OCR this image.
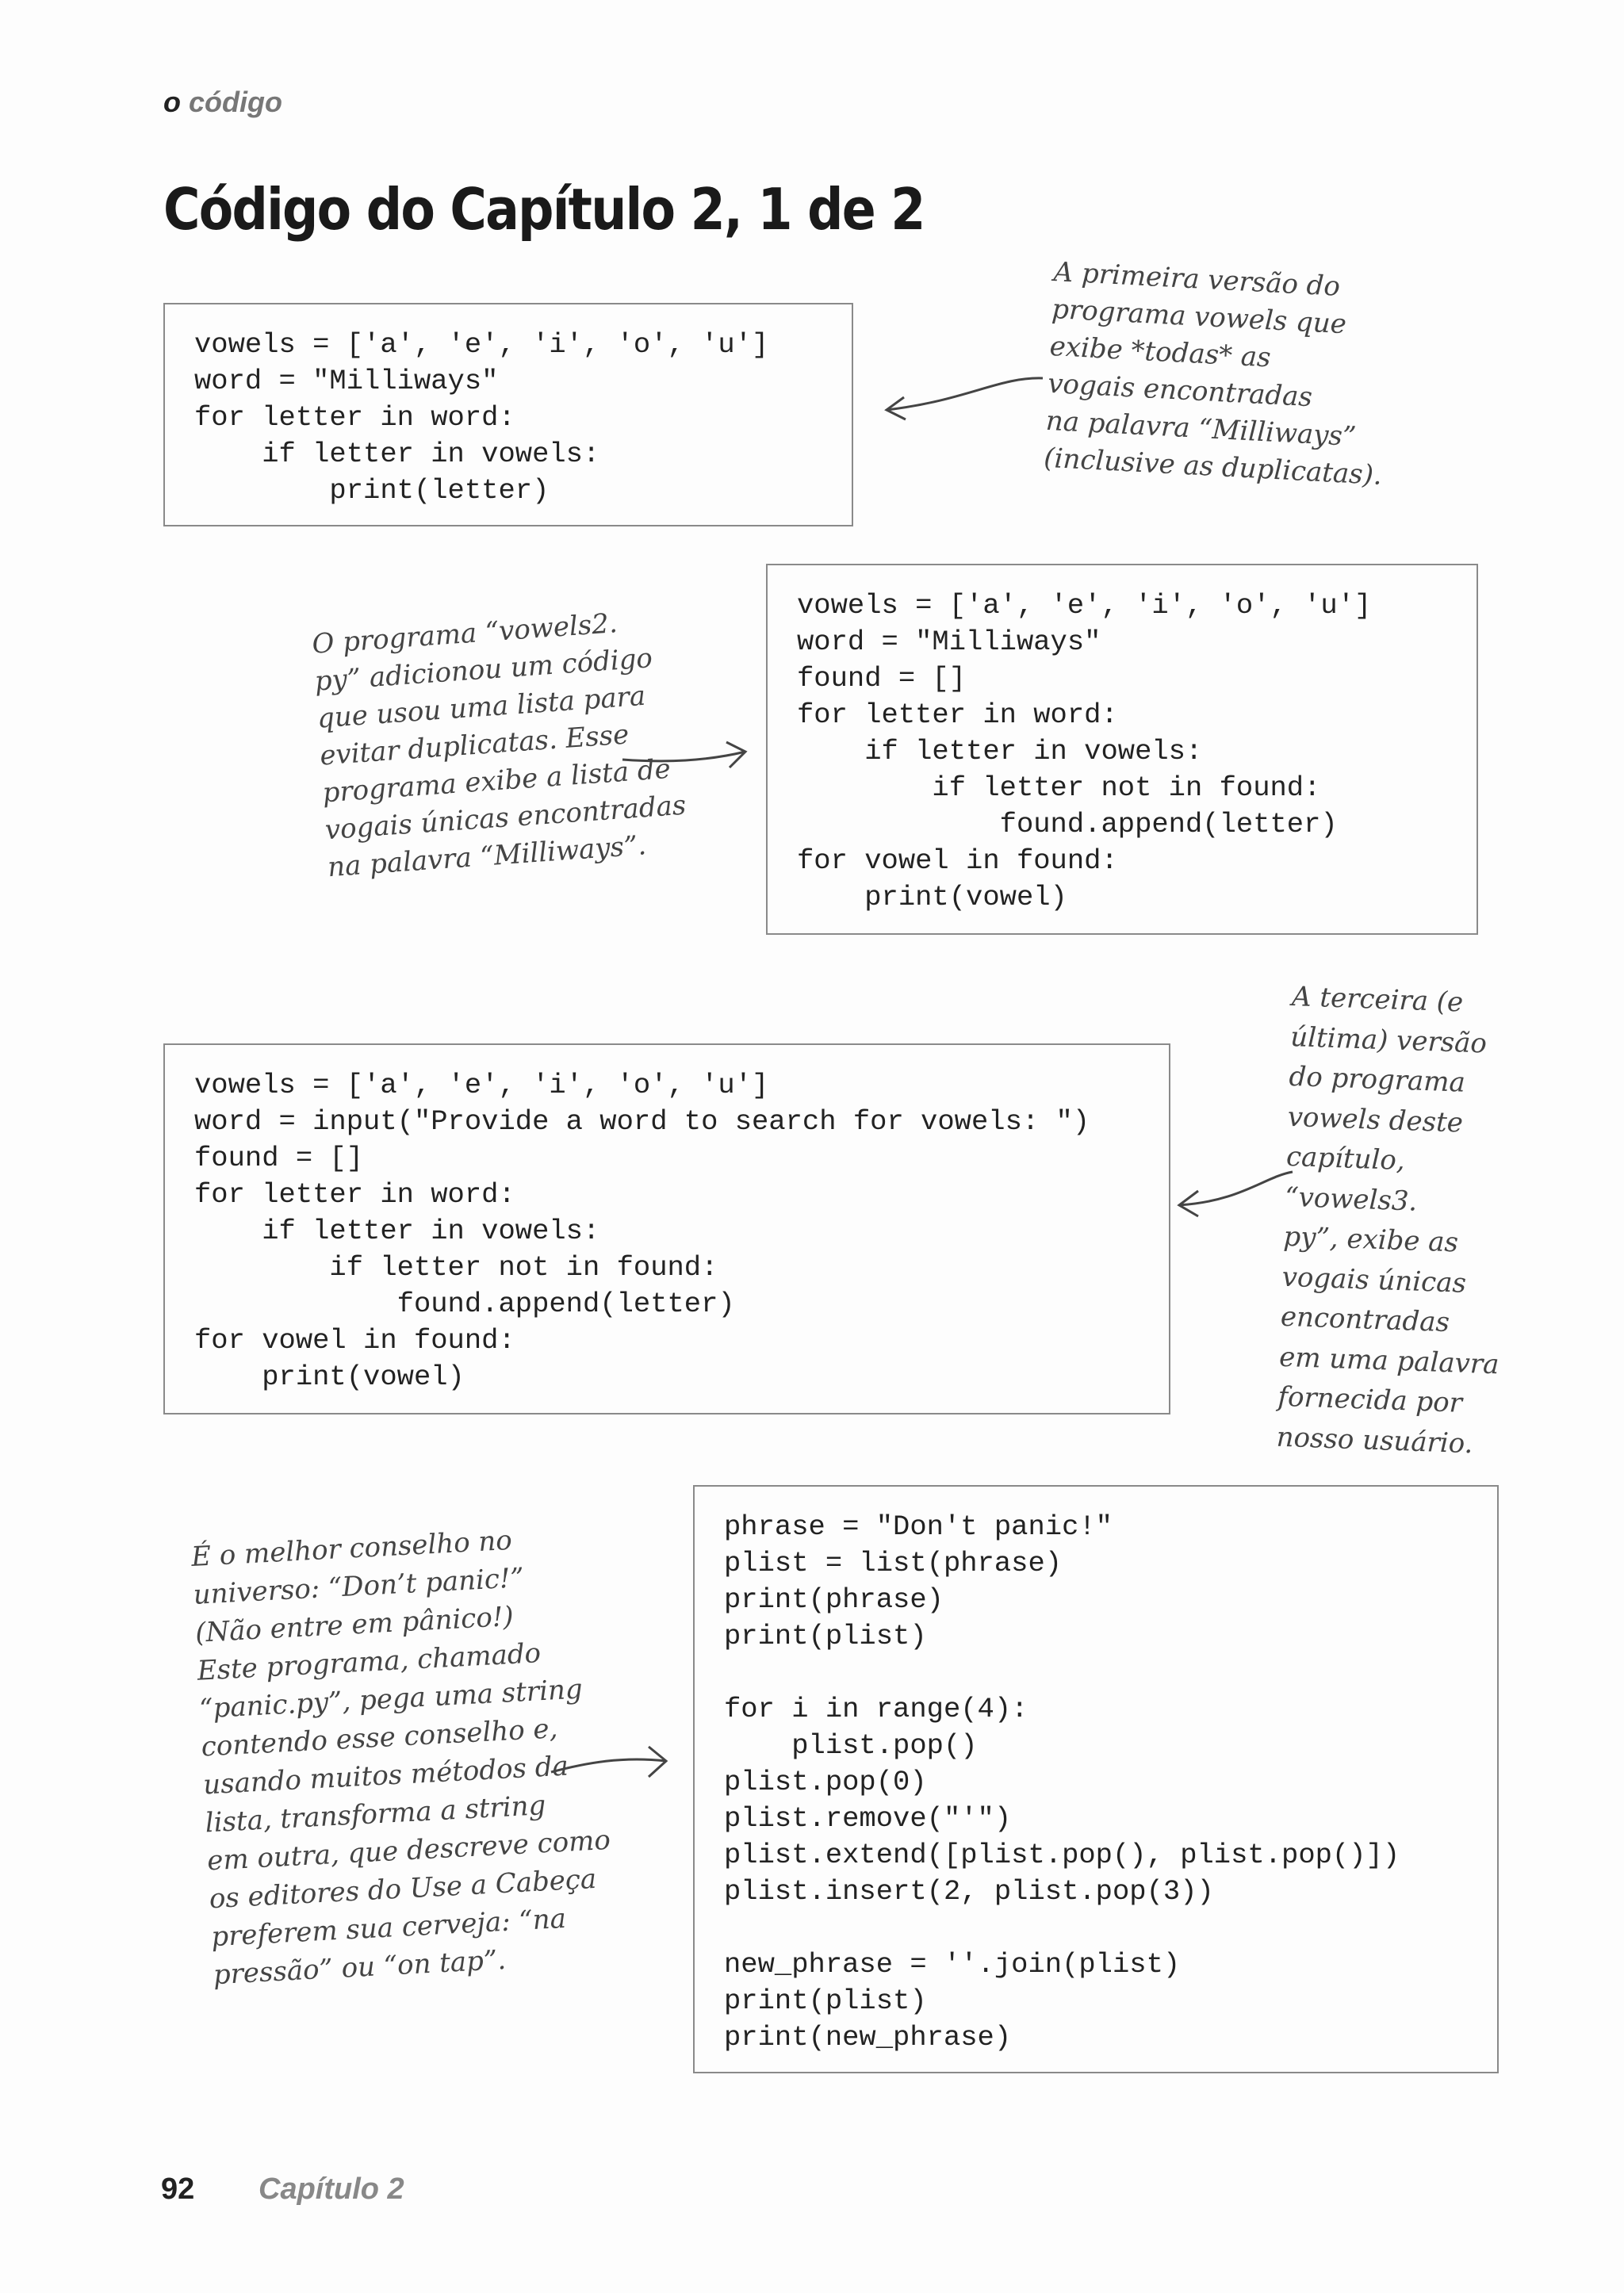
o código
Código do Capítulo 2, 1 de 2
vowels = ['a', 'e', 'i', 'o', 'u']
word = "Milliways"
for letter in word:
if letter in vowels:
print(letter)
A primeira versão do
programa vowels que
exibe *todas* as
vogais encontradas
na palavra “Milliways”
(inclusive as duplicatas).
vowels = ['a', 'e', 'i', 'o', 'u']
word = "Milliways"
found = []
for letter in word:
if letter in vowels:
if letter not in found:
found.append(letter)
for vowel in found:
print(vowel)
O programa “vowels2.
py” adicionou um código
que usou uma lista para
evitar duplicatas. Esse
programa exibe a lista de
vogais únicas encontradas
na palavra “Milliways”.
vowels = ['a', 'e', 'i', 'o', 'u']
word = input("Provide a word to search for vowels: ")
found = []
for letter in word:
if letter in vowels:
if letter not in found:
found.append(letter)
for vowel in found:
print(vowel)
A terceira (e
última) versão
do programa
vowels deste
capítulo,
“vowels3.
py”, exibe as
vogais únicas
encontradas
em uma palavra
fornecida por
nosso usuário.
phrase = "Don't panic!"
plist = list(phrase)
print(phrase)
print(plist)

for i in range(4):
plist.pop()
plist.pop(0)
plist.remove("'")
plist.extend([plist.pop(), plist.pop()])
plist.insert(2, plist.pop(3))

new_phrase = ''.join(plist)
print(plist)
print(new_phrase)
É o melhor conselho no
universo: “Don’t panic!”
(Não entre em pânico!)
Este programa, chamado
“panic.py”, pega uma string
contendo esse conselho e,
usando muitos métodos da
lista, transforma a string
em outra, que descreve como
os editores do Use a Cabeça
preferem sua cerveja: “na
pressão” ou “on tap”.
92 Capítulo 2
